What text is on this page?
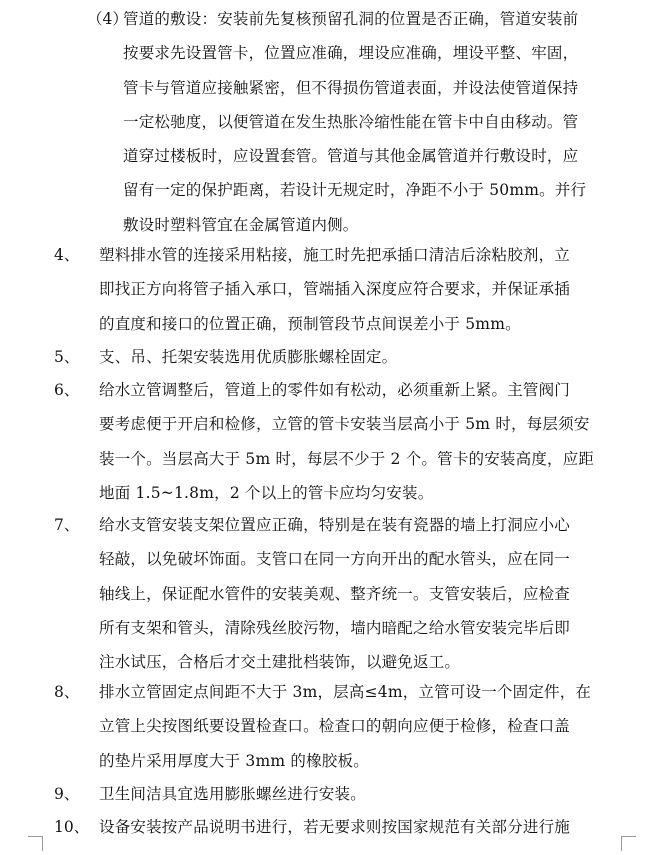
（4）
管道的敷设：安装前先复核预留孔洞的位置是否正确，管道安装前
按要求先设置管卡，位置应准确，埋设应准确，埋设平整、牢固，
管卡与管道应接触紧密，但不得损伤管道表面，并设法使管道保持
一定松驰度，以便管道在发生热胀冷缩性能在管卡中自由移动。管
道穿过楼板时，应设置套管。管道与其他金属管道并行敷设时，应
留有一定的保护距离，若设计无规定时，净距不小于 50mm。并行
敷设时塑料管宜在金属管道内侧。
4、 塑料排水管的连接采用粘接，施工时先把承插口清洁后涂粘胶剂，立
即找正方向将管子插入承口，管端插入深度应符合要求，并保证承插
的直度和接口的位置正确，预制管段节点间误差小于 5mm。
5、 支、吊、托架安装选用优质膨胀螺栓固定。
6、 给水立管调整后，管道上的零件如有松动，必须重新上紧。主管阀门
要考虑便于开启和检修，立管的管卡安装当层高小于 5m 时，每层须安
装一个。当层高大于 5m 时，每层不少于 2 个。管卡的安装高度，应距
地面 1.5~1.8m，2 个以上的管卡应均匀安装。
7、 给水支管安装支架位置应正确，特别是在装有瓷器的墙上打洞应小心
轻敲，以免破坏饰面。支管口在同一方向开出的配水管头，应在同一
轴线上，保证配水管件的安装美观、整齐统一。支管安装后，应检查
所有支架和管头，清除残丝胶污物，墙内暗配之给水管安装完毕后即
注水试压，合格后才交土建批档装饰，以避免返工。
8、 排水立管固定点间距不大于 3m，层高≤4m，立管可设一个固定件，在
立管上尖按图纸要设置检查口。检查口的朝向应便于检修，检查口盖
的垫片采用厚度大于 3mm 的橡胶板。
9、 卫生间洁具宜选用膨胀螺丝进行安装。
10、 设备安装按产品说明书进行，若无要求则按国家规范有关部分进行施
